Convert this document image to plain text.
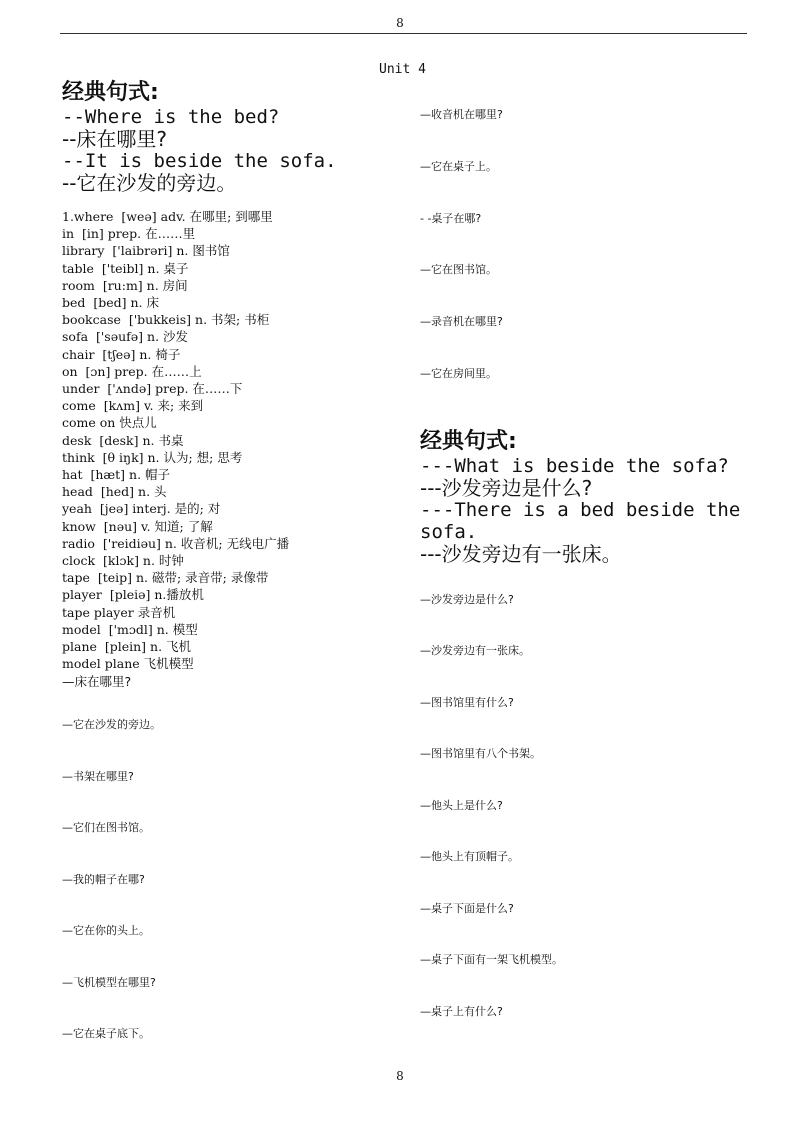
8
Unit 4

经典句式:

--Where is the bed?

--床在哪里?

--It is beside the sofa.

--它在沙发的旁边。

1.where  [weə] adv. 在哪里; 到哪里

in  [in] prep. 在……里

library  ['laibrəri] n. 图书馆

table  ['teibl] n. 桌子

room  [ru:m] n. 房间

bed  [bed] n. 床

bookcase  ['bukkeis] n. 书架; 书柜

sofa  ['səufə] n. 沙发

chair  [tʃeə] n. 椅子

on  [ɔn] prep. 在……上

under  ['ʌndə] prep. 在……下

come  [kʌm] v. 来; 来到

come on 快点儿

desk  [desk] n. 书桌

think  [θ iŋk] n. 认为; 想; 思考

hat  [hæt] n. 帽子

head  [hed] n. 头

yeah  [jeə] interj. 是的; 对

know  [nəu] v. 知道; 了解

radio  ['reidiəu] n. 收音机; 无线电广播

clock  [klɔk] n. 时钟

tape  [teip] n. 磁带; 录音带; 录像带

player  [pleiə] n.播放机

tape player 录音机

model  ['mɔdl] n. 模型

plane  [plein] n. 飞机

model plane 飞机模型

—床在哪里?

—它在沙发的旁边。

—书架在哪里?

—它们在图书馆。

—我的帽子在哪?

—它在你的头上。

—飞机模型在哪里?

—它在桌子底下。

—收音机在哪里?

—它在桌子上。

- -桌子在哪?

—它在图书馆。

—录音机在哪里?

—它在房间里。

经典句式:

---What is beside the sofa?

---沙发旁边是什么?

---There is a bed beside the sofa.

---沙发旁边有一张床。

—沙发旁边是什么?

—沙发旁边有一张床。

—图书馆里有什么?

—图书馆里有八个书架。

—他头上是什么?

—他头上有顶帽子。

—桌子下面是什么?

—桌子下面有一架飞机模型。

—桌子上有什么?

8
